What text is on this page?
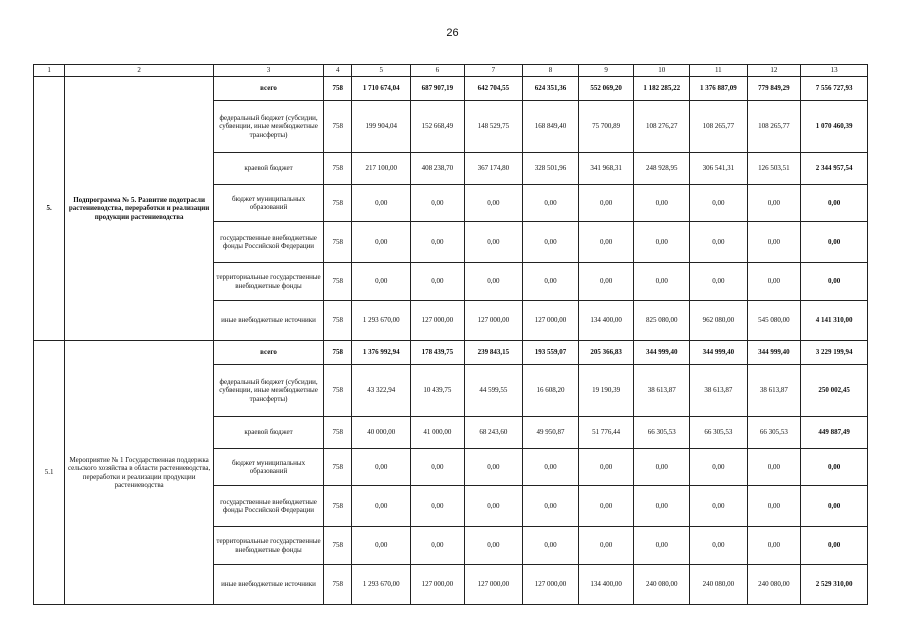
26
1	2	3	4	5	6	7	8	9	10	11	12	13
5.	Подпрограмма № 5. Развитие подотрасли растениеводства, переработки и реализации продукции растениеводства	всего	758	1 710 674,04	687 907,19	642 704,55	624 351,36	552 069,20	1 182 285,22	1 376 887,09	779 849,29	7 556 727,93
		федеральный бюджет (субсидии, субвенции, иные межбюджетные трансферты)	758	199 904,04	152 668,49	148 529,75	168 849,40	75 700,89	108 276,27	108 265,77	108 265,77	1 070 460,39
		краевой бюджет	758	217 100,00	408 238,70	367 174,80	328 501,96	341 968,31	248 928,95	306 541,31	126 503,51	2 344 957,54
		бюджет муниципальных образований	758	0,00	0,00	0,00	0,00	0,00	0,00	0,00	0,00	0,00
		государственные внебюджетные фонды Российской Федерации	758	0,00	0,00	0,00	0,00	0,00	0,00	0,00	0,00	0,00
		территориальные государственные внебюджетные фонды	758	0,00	0,00	0,00	0,00	0,00	0,00	0,00	0,00	0,00
		иные внебюджетные источники	758	1 293 670,00	127 000,00	127 000,00	127 000,00	134 400,00	825 080,00	962 080,00	545 080,00	4 141 310,00
5.1	Мероприятие № 1 Государственная поддержка сельского хозяйства в области растениеводства, переработки и реализации продукции растениеводства	всего	758	1 376 992,94	178 439,75	239 843,15	193 559,07	205 366,83	344 999,40	344 999,40	344 999,40	3 229 199,94
		федеральный бюджет (субсидии, субвенции, иные межбюджетные трансферты)	758	43 322,94	10 439,75	44 599,55	16 608,20	19 190,39	38 613,87	38 613,87	38 613,87	250 002,45
		краевой бюджет	758	40 000,00	41 000,00	68 243,60	49 950,87	51 776,44	66 305,53	66 305,53	66 305,53	449 887,49
		бюджет муниципальных образований	758	0,00	0,00	0,00	0,00	0,00	0,00	0,00	0,00	0,00
		государственные внебюджетные фонды Российской Федерации	758	0,00	0,00	0,00	0,00	0,00	0,00	0,00	0,00	0,00
		территориальные государственные внебюджетные фонды	758	0,00	0,00	0,00	0,00	0,00	0,00	0,00	0,00	0,00
		иные внебюджетные источники	758	1 293 670,00	127 000,00	127 000,00	127 000,00	134 400,00	240 080,00	240 080,00	240 080,00	2 529 310,00
